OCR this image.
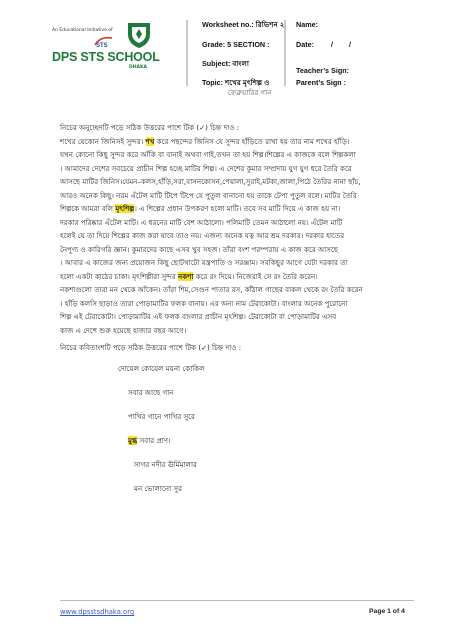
An Educational Initiative of
STS
DPS STS SCHOOL
DHAKA
Worksheet no.: রিভিশন ২
Grade: 5 SECTION :
Subject: বাংলা
Topic: শখের মৃৎশিল্প ও
ফেব্রুয়ারির গান
Name:
Date: / /
Teacher’s Sign:
Parent’s Sign :
নিচের অনুচ্ছেদটি পড়ে সঠিক উত্তরের পাশে টিক (✓) চিহ্ন দাও :
শখের যেকোন জিনিসই সুন্দর। শখ করে পছন্দের জিনিস যে সুন্দর হাঁড়িতে রাখা হয় তার নাম শখের হাঁড়ি।
যখন কোনো কিছু সুন্দর করে আঁকি বা বানাই অথবা গাই,তখন তা হয় শিল্প।শিল্পের এ কাজকে বলে শিল্পকলা
। আমাদের দেশের সবচেয়ে প্রাচীন শিল্প হচ্ছে মাটির শিল্প। এ দেশের কুমার সম্প্রদায় যুগ যুগ ধরে তৈরি করে
আসছে মাটির জিনিস।যেমন–কলস,হাঁড়ি,সরা,বাসনকোসন,পেয়ালা,সুরাই,মটকা,জালা,পিঠে তৈরির নানা ছাঁচ,
আরও অনেক কিছু। নরম এঁটেল মাটি টিপে টিপে যে পুতুল বানানো হয় তাকে টেপা পুতুল বলে। মাটির তৈরি
শিল্পকে আমরা বলি মৃৎশিল্প। এ শিল্পের প্রধান উপকরণ হলো মাটি। তবে সব মাটি দিয়ে এ কাজ হয় না।
দরকার পরিষ্কার এঁটেল মাটি। এ ধরনের মাটি বেশ আঠালো। পলিমাটি তেমন আঠালো নয়। এঁটেল মাটি
হলেই যে তা দিয়ে শিল্পের কাজ করা যাবে তাও নয়। এজন্য অনেক যত্ন আর শ্রম দরকার। দরকার হাতের
নৈপুণ্য ও কারিগরি জ্ঞান। কুমারদের কাছে এসব খুব সহজ। তাঁরা বংশ পরম্পরায় এ কাজ করে আসছে
। আবার এ কাজের জন্য প্রয়োজন কিছু ছোটখাটো যন্ত্রপাতি ও সরঞ্জাম। সবকিছুর আগে যেটা দরকার তা
হলো একটা কাঠের চাকা। মৃৎশিল্পীরা সুন্দর নকশা করে রং দিয়ে। নিজেরাই সে রং তৈরি করেন।
নকশাগুলো তারা মন থেকে আঁকেন। তাঁরা শিম,সেগুন পাতার রস, কাঁঠাল গাছের বাকল থেকে রং তৈরি করেন
। হাঁড়ি কলসি ছাড়াও তারা পোড়ামাটির ফলক বানায়। এর অন্য নাম টেরাকোটা। বাংলার অনেক পুরোনো
শিল্প এই টেরাকোটা। পোড়ামাটির এই ফলক বাংলার প্রাচীন মৃৎশিল্প। টেরাকোটা বা পোড়ামাটির এসব
কাজ এ দেশে শুরু হয়েছে হাজার বছর আগে।
নিচের কবিতাংশটি পড়ে সঠিক উত্তরের পাশে টিক (✓) চিহ্ন দাও :
দোয়েল কোয়েল ময়না কোকিল
সবার আছে গান
পাখির গানে পাখির সুরে
মুগ্ধ সবার প্রাণ।
সাগর নদীর ঊর্মিমালার
মন ভোলানো সুর
www.dpsstsdhaka.org	Page 1 of 4
